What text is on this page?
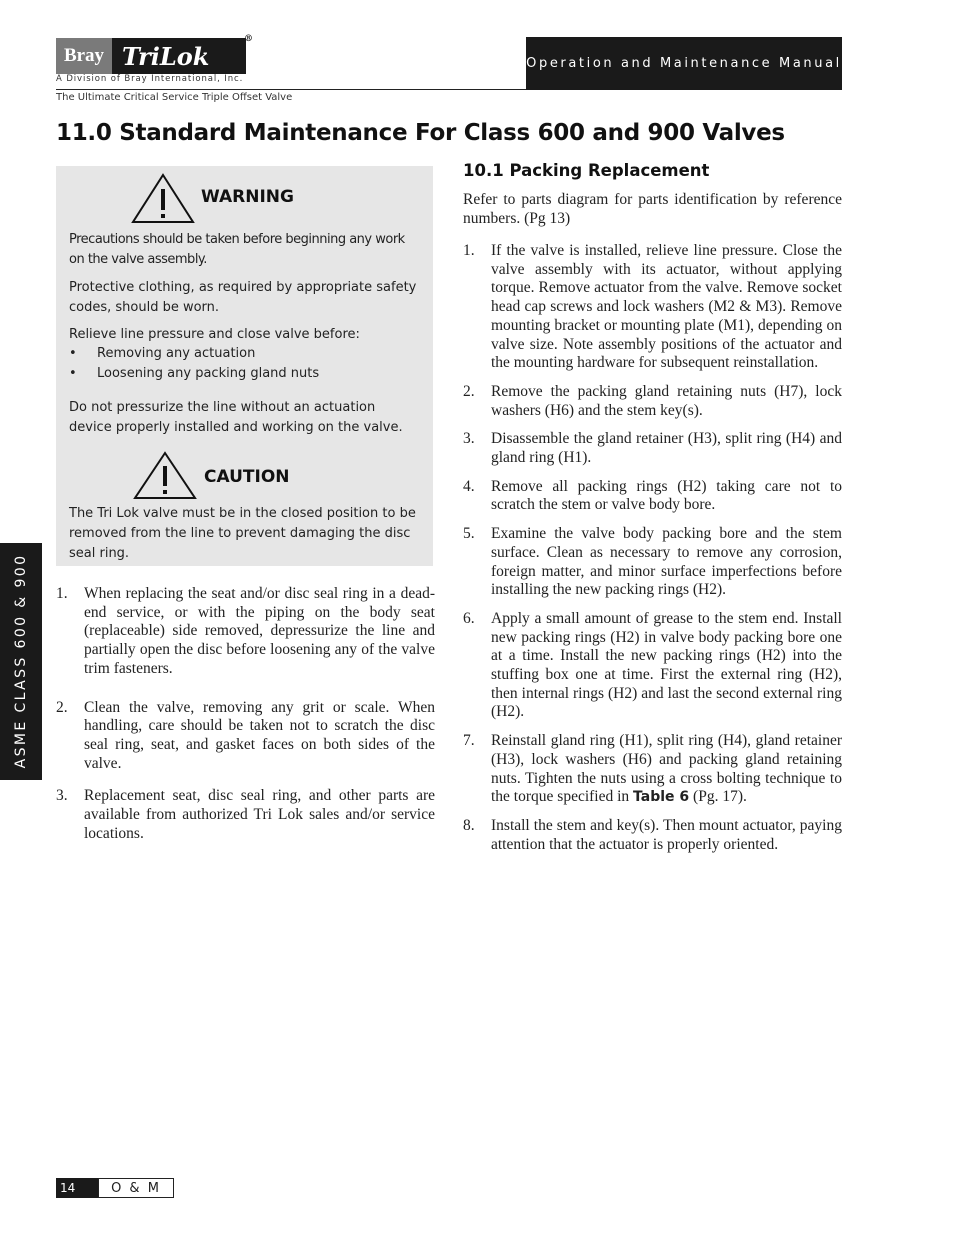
Bray TriLok
®
A Division of Bray International, Inc.
The Ultimate Critical Service Triple Offset Valve
Operation and Maintenance Manual
11.0 Standard Maintenance For Class 600 and 900 Valves
WARNING

Precautions should be taken before beginning any work on the valve assembly.

Protective clothing, as required by appropriate safety codes, should be worn.

Relieve line pressure and close valve before:

•	Removing any actuation
•	Loosening any packing gland nuts

Do not pressurize the line without an actuation device properly installed and working on the valve.

CAUTION

The Tri Lok valve must be in the closed position to be removed from the line to prevent damaging the disc seal ring.

1.	When replacing the seat and/or disc seal ring in a dead-end service, or with the piping on the body seat (replaceable) side removed, depressurize the line and partially open the disc before loosening any of the valve trim fasteners.
2.	Clean the valve, removing any grit or scale. When handling, care should be taken not to scratch the disc seal ring, seat, and gasket faces on both sides of the valve.
3.	Replacement seat, disc seal ring, and other parts are available from authorized Tri Lok sales and/or service locations.
10.1 Packing Replacement

Refer to parts diagram for parts identification by reference numbers. (Pg 13)

1.	If the valve is installed, relieve line pressure. Close the valve assembly with its actuator, without applying torque. Remove actuator from the valve. Remove socket head cap screws and lock washers (M2 & M3). Remove mounting bracket or mounting plate (M1), depending on valve size. Note assembly positions of the actuator and the mounting hardware for subsequent reinstallation.
2.	Remove the packing gland retaining nuts (H7), lock washers (H6) and the stem key(s).
3.	Disassemble the gland retainer (H3), split ring (H4) and gland ring (H1).
4.	Remove all packing rings (H2) taking care not to scratch the stem or valve body bore.
5.	Examine the valve body packing bore and the stem surface. Clean as necessary to remove any corrosion, foreign matter, and minor surface imperfections before installing the new packing rings (H2).
6.	Apply a small amount of grease to the stem end. Install new packing rings (H2) in valve body packing bore one at a time. Install the new packing rings (H2) into the stuffing box one at time. First the external ring (H2), then internal rings (H2) and last the second external ring (H2).
7.	Reinstall gland ring (H1), split ring (H4), gland retainer (H3), lock washers (H6) and packing gland retaining nuts. Tighten the nuts using a cross bolting technique to the torque specified in Table 6 (Pg. 17).
8.	Install the stem and key(s). Then mount actuator, paying attention that the actuator is properly oriented.
ASME CLASS 600 & 900
14	O & M
